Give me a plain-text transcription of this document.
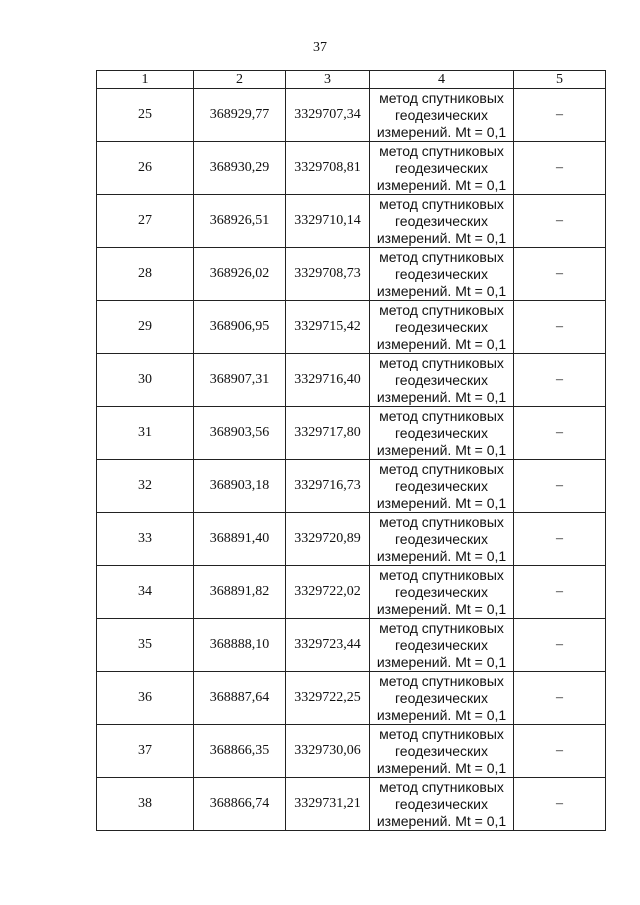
37
1	2	3	4	5
25	368929,77	3329707,34	метод спутниковых
геодезических
измерений. Mt = 0,1	–
26	368930,29	3329708,81	метод спутниковых
геодезических
измерений. Mt = 0,1	–
27	368926,51	3329710,14	метод спутниковых
геодезических
измерений. Mt = 0,1	–
28	368926,02	3329708,73	метод спутниковых
геодезических
измерений. Mt = 0,1	–
29	368906,95	3329715,42	метод спутниковых
геодезических
измерений. Mt = 0,1	–
30	368907,31	3329716,40	метод спутниковых
геодезических
измерений. Mt = 0,1	–
31	368903,56	3329717,80	метод спутниковых
геодезических
измерений. Mt = 0,1	–
32	368903,18	3329716,73	метод спутниковых
геодезических
измерений. Mt = 0,1	–
33	368891,40	3329720,89	метод спутниковых
геодезических
измерений. Mt = 0,1	–
34	368891,82	3329722,02	метод спутниковых
геодезических
измерений. Mt = 0,1	–
35	368888,10	3329723,44	метод спутниковых
геодезических
измерений. Mt = 0,1	–
36	368887,64	3329722,25	метод спутниковых
геодезических
измерений. Mt = 0,1	–
37	368866,35	3329730,06	метод спутниковых
геодезических
измерений. Mt = 0,1	–
38	368866,74	3329731,21	метод спутниковых
геодезических
измерений. Mt = 0,1	–
